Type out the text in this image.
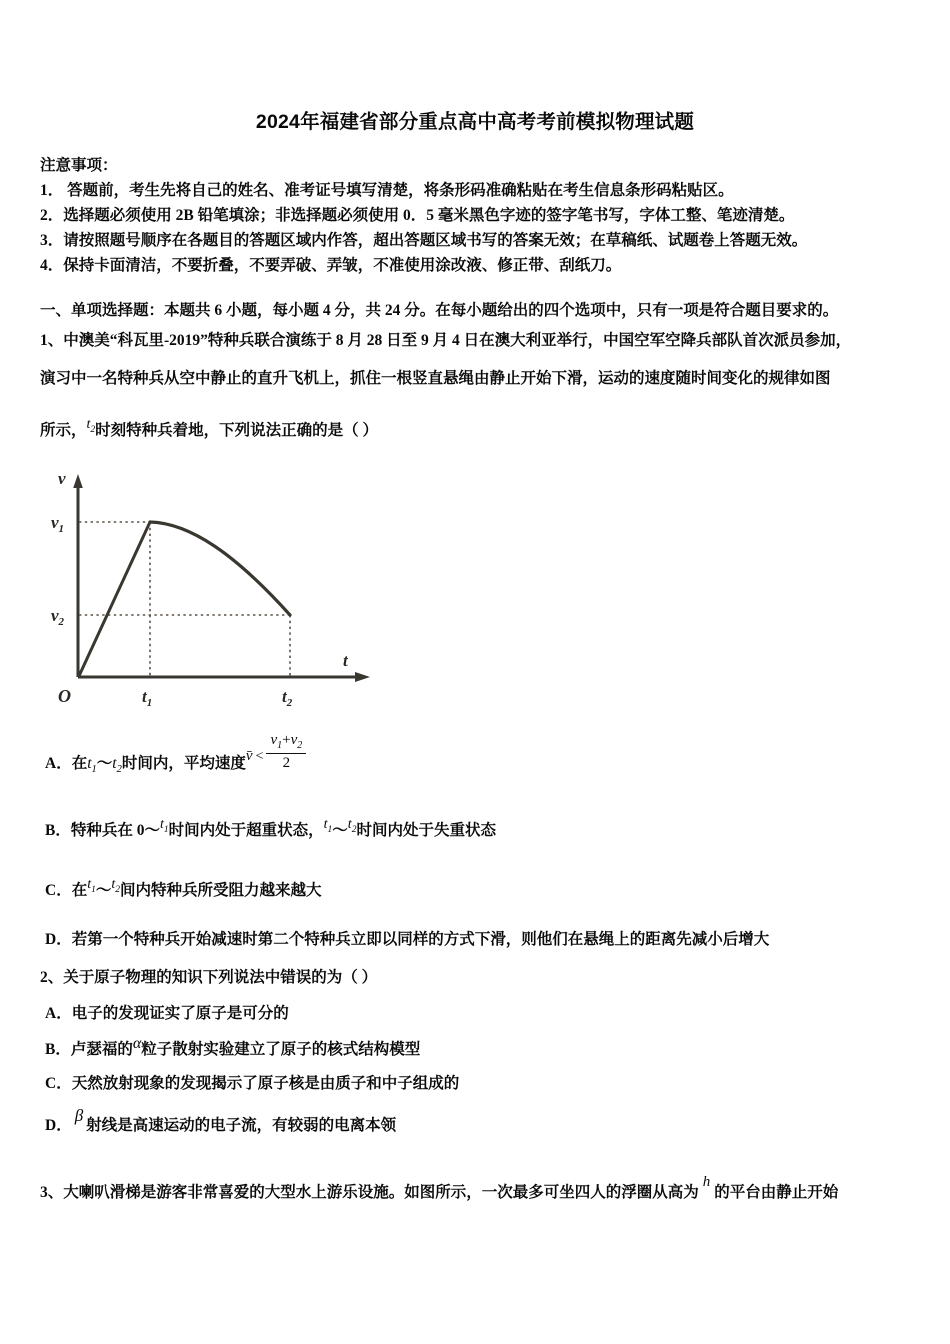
2024年福建省部分重点高中高考考前模拟物理试题
注意事项：
1． 答题前，考生先将自己的姓名、准考证号填写清楚，将条形码准确粘贴在考生信息条形码粘贴区。
2．选择题必须使用 2B 铅笔填涂；非选择题必须使用 0．5 毫米黑色字迹的签字笔书写，字体工整、笔迹清楚。
3．请按照题号顺序在各题目的答题区域内作答，超出答题区域书写的答案无效；在草稿纸、试题卷上答题无效。
4．保持卡面清洁，不要折叠，不要弄破、弄皱，不准使用涂改液、修正带、刮纸刀。
一、单项选择题：本题共 6 小题，每小题 4 分，共 24 分。在每小题给出的四个选项中，只有一项是符合题目要求的。
1、中澳美“科瓦里-2019”特种兵联合演练于 8 月 28 日至 9 月 4 日在澳大利亚举行，中国空军空降兵部队首次派员参加，
演习中一名特种兵从空中静止的直升飞机上，抓住一根竖直悬绳由静止开始下滑，运动的速度随时间变化的规律如图
所示，$t_2$时刻特种兵着地，下列说法正确的是（ ）
v
$v_1$
$v_2$
O	$t_1$	$t_2$
t
A．在$t_1\sim t_2$时间内，平均速度v̄ < $\frac{v_1+v_2}{2}$
B．特种兵在 $0\sim t_1$时间内处于超重状态，$t_1\sim t_2$时间内处于失重状态
C．在$t_1\sim t_2$间内特种兵所受阻力越来越大
D．若第一个特种兵开始减速时第二个特种兵立即以同样的方式下滑，则他们在悬绳上的距离先减小后增大
2、关于原子物理的知识下列说法中错误的为（ ）
A．电子的发现证实了原子是可分的
B．卢瑟福的α粒子散射实验建立了原子的核式结构模型
C．天然放射现象的发现揭示了原子核是由质子和中子组成的
D．β射线是高速运动的电子流，有较弱的电离本领
3、大喇叭滑梯是游客非常喜爱的大型水上游乐设施。如图所示，一次最多可坐四人的浮圈从高为h的平台由静止开始
